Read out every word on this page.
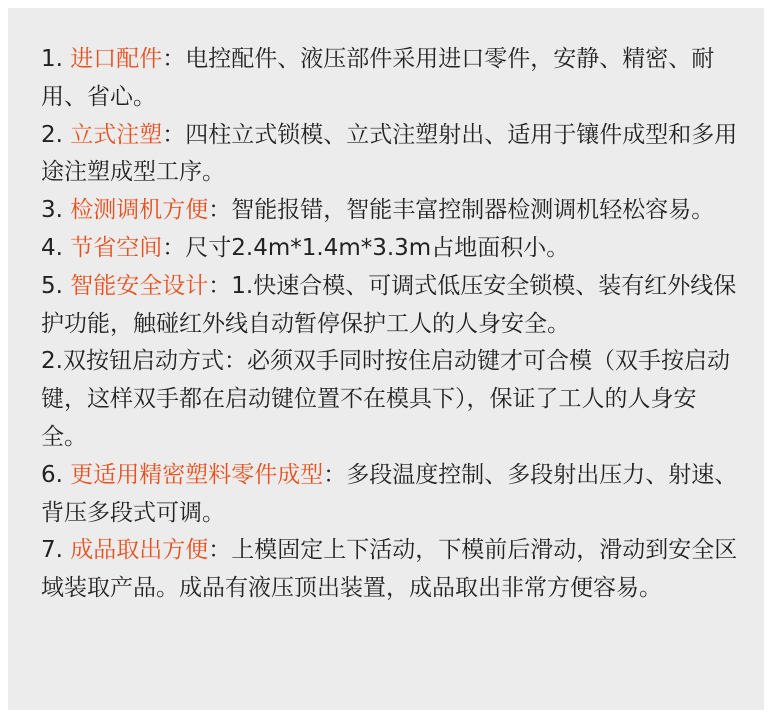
1. 进口配件：电控配件、液压部件采用进口零件，安静、精密、耐用、省心。

2. 立式注塑：四柱立式锁模、立式注塑射出、适用于镶件成型和多用途注塑成型工序。

3. 检测调机方便：智能报错，智能丰富控制器检测调机轻松容易。

4. 节省空间：尺寸2.4m*1.4m*3.3m占地面积小。

5. 智能安全设计：1.快速合模、可调式低压安全锁模、装有红外线保护功能，触碰红外线自动暂停保护工人的人身安全。

2.双按钮启动方式：必须双手同时按住启动键才可合模（双手按启动键，这样双手都在启动键位置不在模具下），保证了工人的人身安全。

6. 更适用精密塑料零件成型：多段温度控制、多段射出压力、射速、背压多段式可调。

7. 成品取出方便：上模固定上下活动，下模前后滑动，滑动到安全区域装取产品。成品有液压顶出装置，成品取出非常方便容易。
